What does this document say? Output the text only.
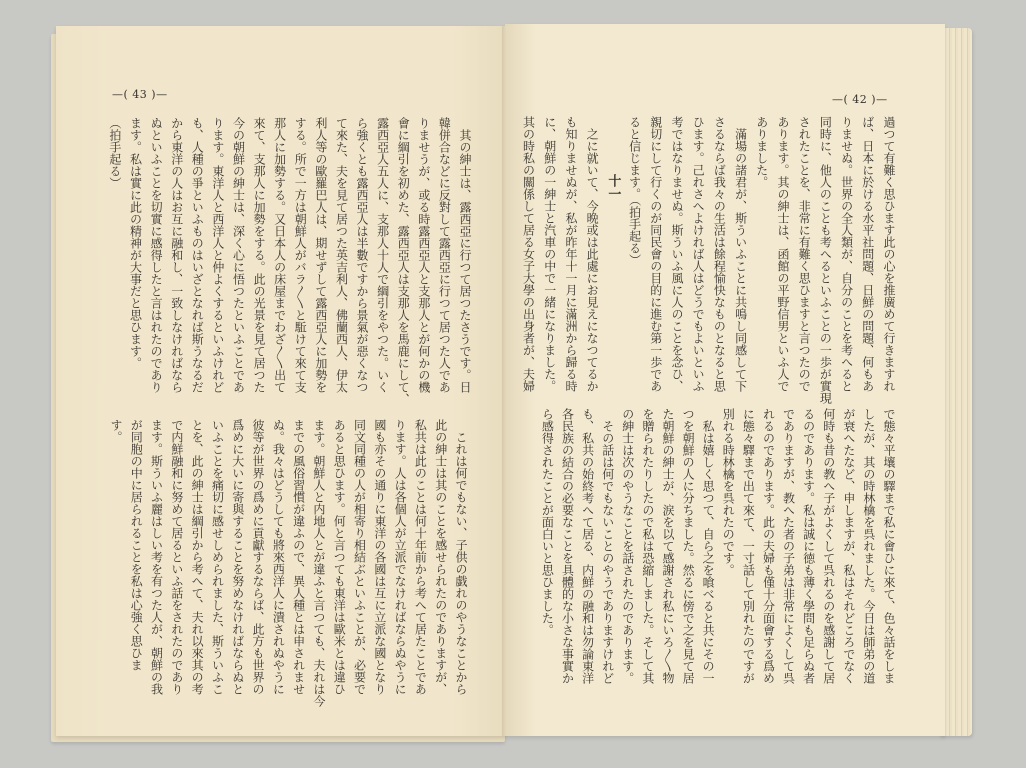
—( 43 )—
　其の紳士は、露西亞に行つて居つたさうです。日
韓併合などに反對して露西亞に行つて居つた人であ
りませうが、或る時露西亞人と支那人とが何かの機
會に綱引を初めた、露西亞人は支那人を馬鹿にして、
露西亞人五人に、支那人十人で綱引をやつた。いく
ら強くとも露西亞人は半數ですから景氣が惡くなつ
て來た、夫を見て居つた英吉利人、佛蘭西人、伊太
利人等の歐羅巴人は、期せずして露西亞人に加勢を
する。所で一方は朝鮮人がバラ〳〵と駈けて來て支
那人に加勢する。又日本人の床屋までわざ〳〵出て
來て、支那人に加勢をする。此の光景を見て居つた
今の朝鮮の紳士は、深く心に悟つたといふことであ
ります。東洋人と西洋人と仲よくするといふけれど
も、人種の爭といふものはいざとなれば斯うなるだ
から東洋の人はお互に融和し、一致しなければなら
ぬといふことを切實に感得したと言はれたのであり
ます。私は實に此の精神が大事だと思ひます。
（拍手起る）
　これは何でもない、子供の戯れのやうなことから
此の紳士は其のことを感せられたのでありますが、
私共は此のことは何十年前から考へて居たことであ
ります。人は各個人が立派でなければならぬやうに
國も亦その通りに東洋の各國は互に立派な國となり
同文同種の人が相寄り相結ぶといふことが、必要で
あると思ひます。何と言つても東洋は歐米とは違ひ
ます。朝鮮人と内地人とが違ふと言つても、夫れは今
までの風俗習慣が違ふので、異人種とは申されませ
ぬ。我々はどうしても將來西洋人に潰されぬやうに
彼等が世界の爲めに貢獻するならば、此方も世界の
爲めに大いに寄與することを努めなければならぬと
いふことを痛切に感せしめられました、斯ういふこ
とを、此の紳士は綱引から考へて、夫れ以來其の考
で内鮮融和に努めて居るといふ話をされたのであり
ます。斯ういふ麗はしい考を有つた人が、朝鮮の我
が同胞の中に居られることを私は心強く思ひま
す。
—( 42 )—
過つて有難く思ひます此の心を推廣めて行きますれ
ば、日本に於ける水平社問題、日鮮の問題、何もあ
りませぬ。世界の全人類が、自分のことを考へると
同時に、他人のことも考へるといふことの一歩が實現
されたことを、非常に有難く思ひますと言つたので
あります。其の紳士は、函館の平野信男といふ人で
ありました。
　滿場の諸君が、斯ういふことに共鳴し同感して下
さるならば我々の生活は餘程愉快なものとなると思
ひます。己れさへよければ人はどうでもよいといふ
考ではなりませぬ。斯ういふ風に人のことを念ひ、
親切にして行くのが同民會の目的に進む第一歩であ
ると信じます。（拍手起る）
十一
　之に就いて、今晩或は此處にお見えになつてるか
も知りませぬが、私が昨年十一月に滿洲から歸る時
に、朝鮮の一紳士と汽車の中で一緒になりました。
其の時私の關係して居る女子大學の出身者が、夫婦
で態々平壤の驛まで私に會ひに來て、色々話をしま
したが、其の時林檎を呉れました。今日は師弟の道
が衰へたなど、申しますが、私はそれどころでなく
何時も昔の教へ子がよくして呉れるのを感謝して居
るのであります。私は誠に徳も薄く學問も足らぬ者
でありますが、教へた者の子弟は非常によくして呉
れるのであります。此の夫婦も僅十分面會する爲め
に態々驛まで出て來て、一寸話して別れたのですが
別れる時林檎を呉れたのです。
　私は嬉しく思つて、自ら之を喰べると共にその一
つを朝鮮の人に分ちました。然るに傍で之を見て居
た朝鮮の紳士が、涙を以て感謝され私にいろ〳〵物
を贈られたりしたので私は恐縮しました。そして其
の紳士は次のやうなことを話されたのであります。
　その話は何でもないことのやうでありますけれど
も、私共の始終考へて居る、内鮮の融和は勿論東洋
各民族の結合の必要なことを具體的な小さな事實か
ら感得されたことが面白いと思ひました。
